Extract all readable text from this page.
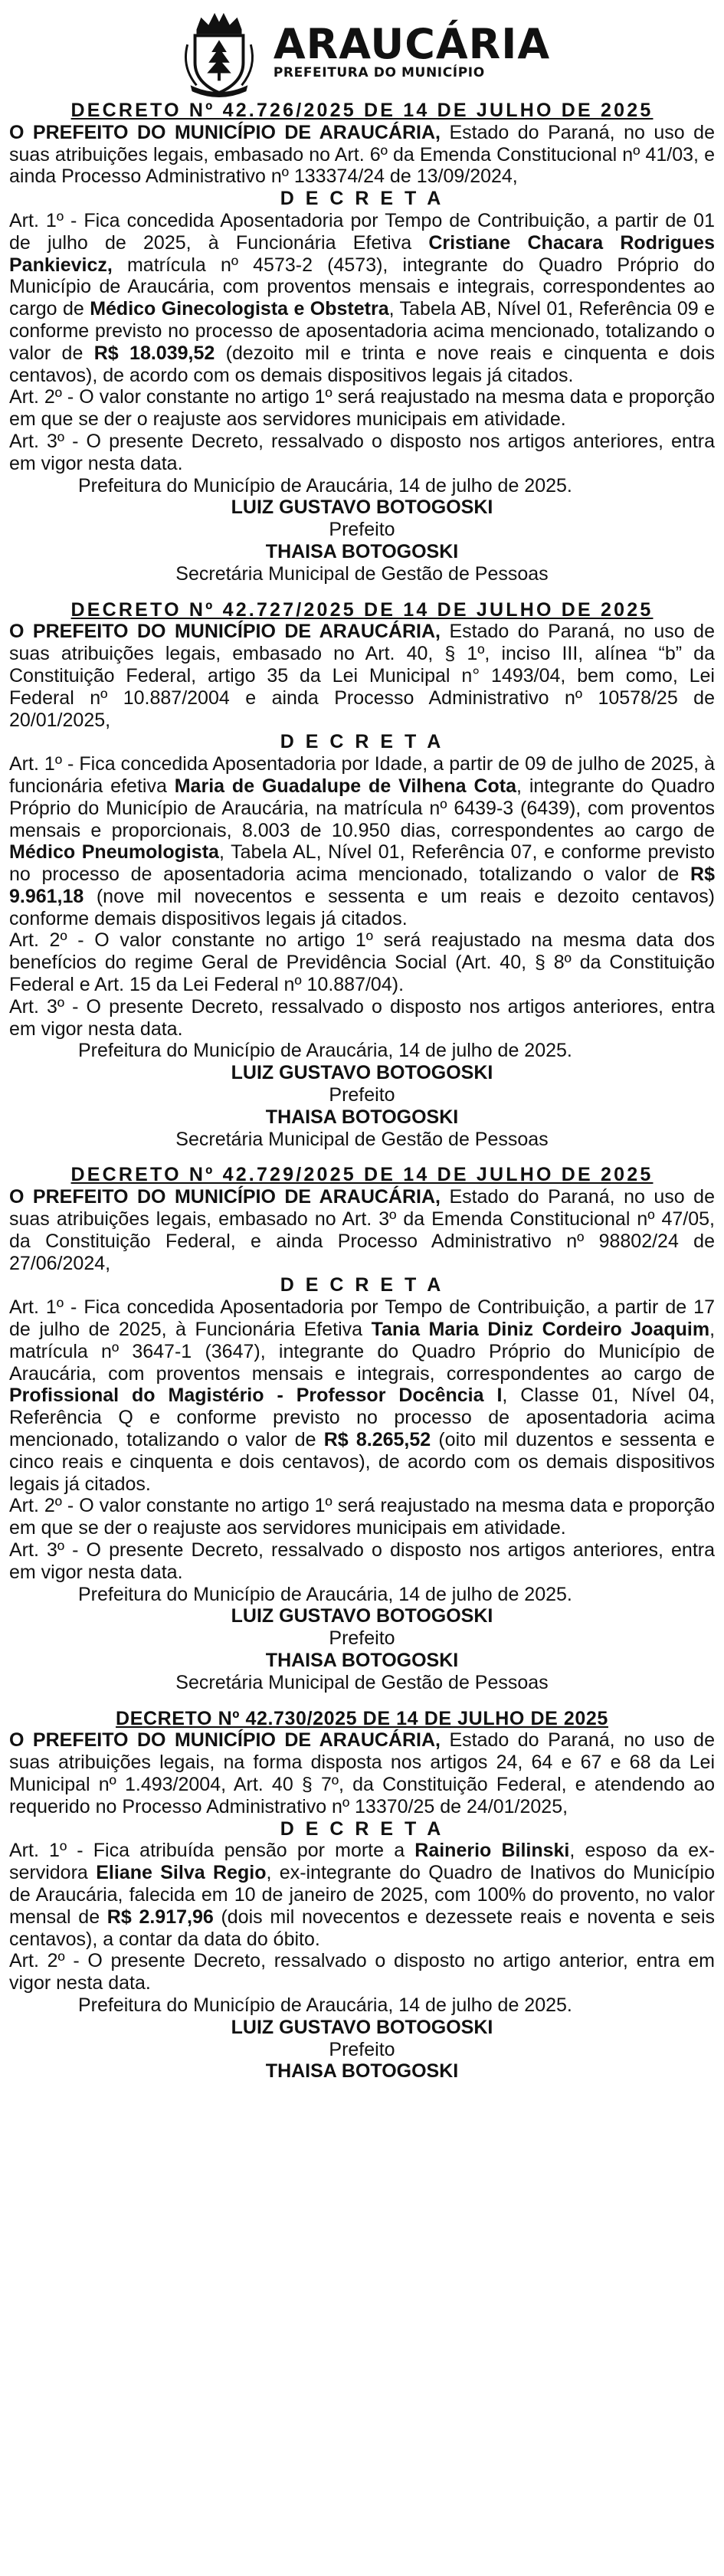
ARAUCÁRIA
PREFEITURA DO MUNICÍPIO
DECRETO Nº 42.726/2025 DE 14 DE JULHO DE 2025

O PREFEITO DO MUNICÍPIO DE ARAUCÁRIA, Estado do Paraná, no uso de suas atribuições legais, embasado no Art. 6º da Emenda Constitucional nº 41/03, e ainda Processo Administrativo nº 133374/24 de 13/09/2024,

D E C R E T A

Art. 1º - Fica concedida Aposentadoria por Tempo de Contribuição, a partir de 01 de julho de 2025, à Funcionária Efetiva Cristiane Chacara Rodrigues Pankievicz, matrícula nº 4573-2 (4573), integrante do Quadro Próprio do Município de Araucária, com proventos mensais e integrais, correspondentes ao cargo de Médico Ginecologista e Obstetra, Tabela AB, Nível 01, Referência 09 e conforme previsto no processo de aposentadoria acima mencionado, totalizando o valor de R$ 18.039,52 (dezoito mil e trinta e nove reais e cinquenta e dois centavos), de acordo com os demais dispositivos legais já citados.

Art. 2º - O valor constante no artigo 1º será reajustado na mesma data e proporção em que se der o reajuste aos servidores municipais em atividade.

Art. 3º - O presente Decreto, ressalvado o disposto nos artigos anteriores, entra em vigor nesta data.

Prefeitura do Município de Araucária, 14 de julho de 2025.

LUIZ GUSTAVO BOTOGOSKI
Prefeito
THAISA BOTOGOSKI
Secretária Municipal de Gestão de Pessoas
DECRETO Nº 42.727/2025 DE 14 DE JULHO DE 2025

O PREFEITO DO MUNICÍPIO DE ARAUCÁRIA, Estado do Paraná, no uso de suas atribuições legais, embasado no Art. 40, § 1º, inciso III, alínea “b” da Constituição Federal, artigo 35 da Lei Municipal n° 1493/04, bem como, Lei Federal nº 10.887/2004 e ainda Processo Administrativo nº 10578/25 de 20/01/2025,

D E C R E T A

Art. 1º - Fica concedida Aposentadoria por Idade, a partir de 09 de julho de 2025, à funcionária efetiva Maria de Guadalupe de Vilhena Cota, integrante do Quadro Próprio do Município de Araucária, na matrícula nº 6439-3 (6439), com proventos mensais e proporcionais, 8.003 de 10.950 dias, correspondentes ao cargo de Médico Pneumologista, Tabela AL, Nível 01, Referência 07, e conforme previsto no processo de aposentadoria acima mencionado, totalizando o valor de R$ 9.961,18 (nove mil novecentos e sessenta e um reais e dezoito centavos) conforme demais dispositivos legais já citados.

Art. 2º - O valor constante no artigo 1º será reajustado na mesma data dos benefícios do regime Geral de Previdência Social (Art. 40, § 8º da Constituição Federal e Art. 15 da Lei Federal nº 10.887/04).

Art. 3º - O presente Decreto, ressalvado o disposto nos artigos anteriores, entra em vigor nesta data.

Prefeitura do Município de Araucária, 14 de julho de 2025.

LUIZ GUSTAVO BOTOGOSKI
Prefeito
THAISA BOTOGOSKI
Secretária Municipal de Gestão de Pessoas
DECRETO Nº 42.729/2025 DE 14 DE JULHO DE 2025

O PREFEITO DO MUNICÍPIO DE ARAUCÁRIA, Estado do Paraná, no uso de suas atribuições legais, embasado no Art. 3º da Emenda Constitucional nº 47/05, da Constituição Federal, e ainda Processo Administrativo nº 98802/24 de 27/06/2024,

D E C R E T A

Art. 1º - Fica concedida Aposentadoria por Tempo de Contribuição, a partir de 17 de julho de 2025, à Funcionária Efetiva Tania Maria Diniz Cordeiro Joaquim, matrícula nº 3647-1 (3647), integrante do Quadro Próprio do Município de Araucária, com proventos mensais e integrais, correspondentes ao cargo de Profissional do Magistério - Professor Docência I, Classe 01, Nível 04, Referência Q e conforme previsto no processo de aposentadoria acima mencionado, totalizando o valor de R$ 8.265,52 (oito mil duzentos e sessenta e cinco reais e cinquenta e dois centavos), de acordo com os demais dispositivos legais já citados.

Art. 2º - O valor constante no artigo 1º será reajustado na mesma data e proporção em que se der o reajuste aos servidores municipais em atividade.

Art. 3º - O presente Decreto, ressalvado o disposto nos artigos anteriores, entra em vigor nesta data.

Prefeitura do Município de Araucária, 14 de julho de 2025.

LUIZ GUSTAVO BOTOGOSKI
Prefeito
THAISA BOTOGOSKI
Secretária Municipal de Gestão de Pessoas
DECRETO Nº 42.730/2025 DE 14 DE JULHO DE 2025

O PREFEITO DO MUNICÍPIO DE ARAUCÁRIA, Estado do Paraná, no uso de suas atribuições legais, na forma disposta nos artigos 24, 64 e 67 e 68 da Lei Municipal nº 1.493/2004, Art. 40 § 7º, da Constituição Federal, e atendendo ao requerido no Processo Administrativo nº 13370/25 de 24/01/2025,

D E C R E T A

Art. 1º - Fica atribuída pensão por morte a Rainerio Bilinski, esposo da ex-servidora Eliane Silva Regio, ex-integrante do Quadro de Inativos do Município de Araucária, falecida em 10 de janeiro de 2025, com 100% do provento, no valor mensal de R$ 2.917,96 (dois mil novecentos e dezessete reais e noventa e seis centavos), a contar da data do óbito.

Art. 2º - O presente Decreto, ressalvado o disposto no artigo anterior, entra em vigor nesta data.

Prefeitura do Município de Araucária, 14 de julho de 2025.

LUIZ GUSTAVO BOTOGOSKI
Prefeito
THAISA BOTOGOSKI
